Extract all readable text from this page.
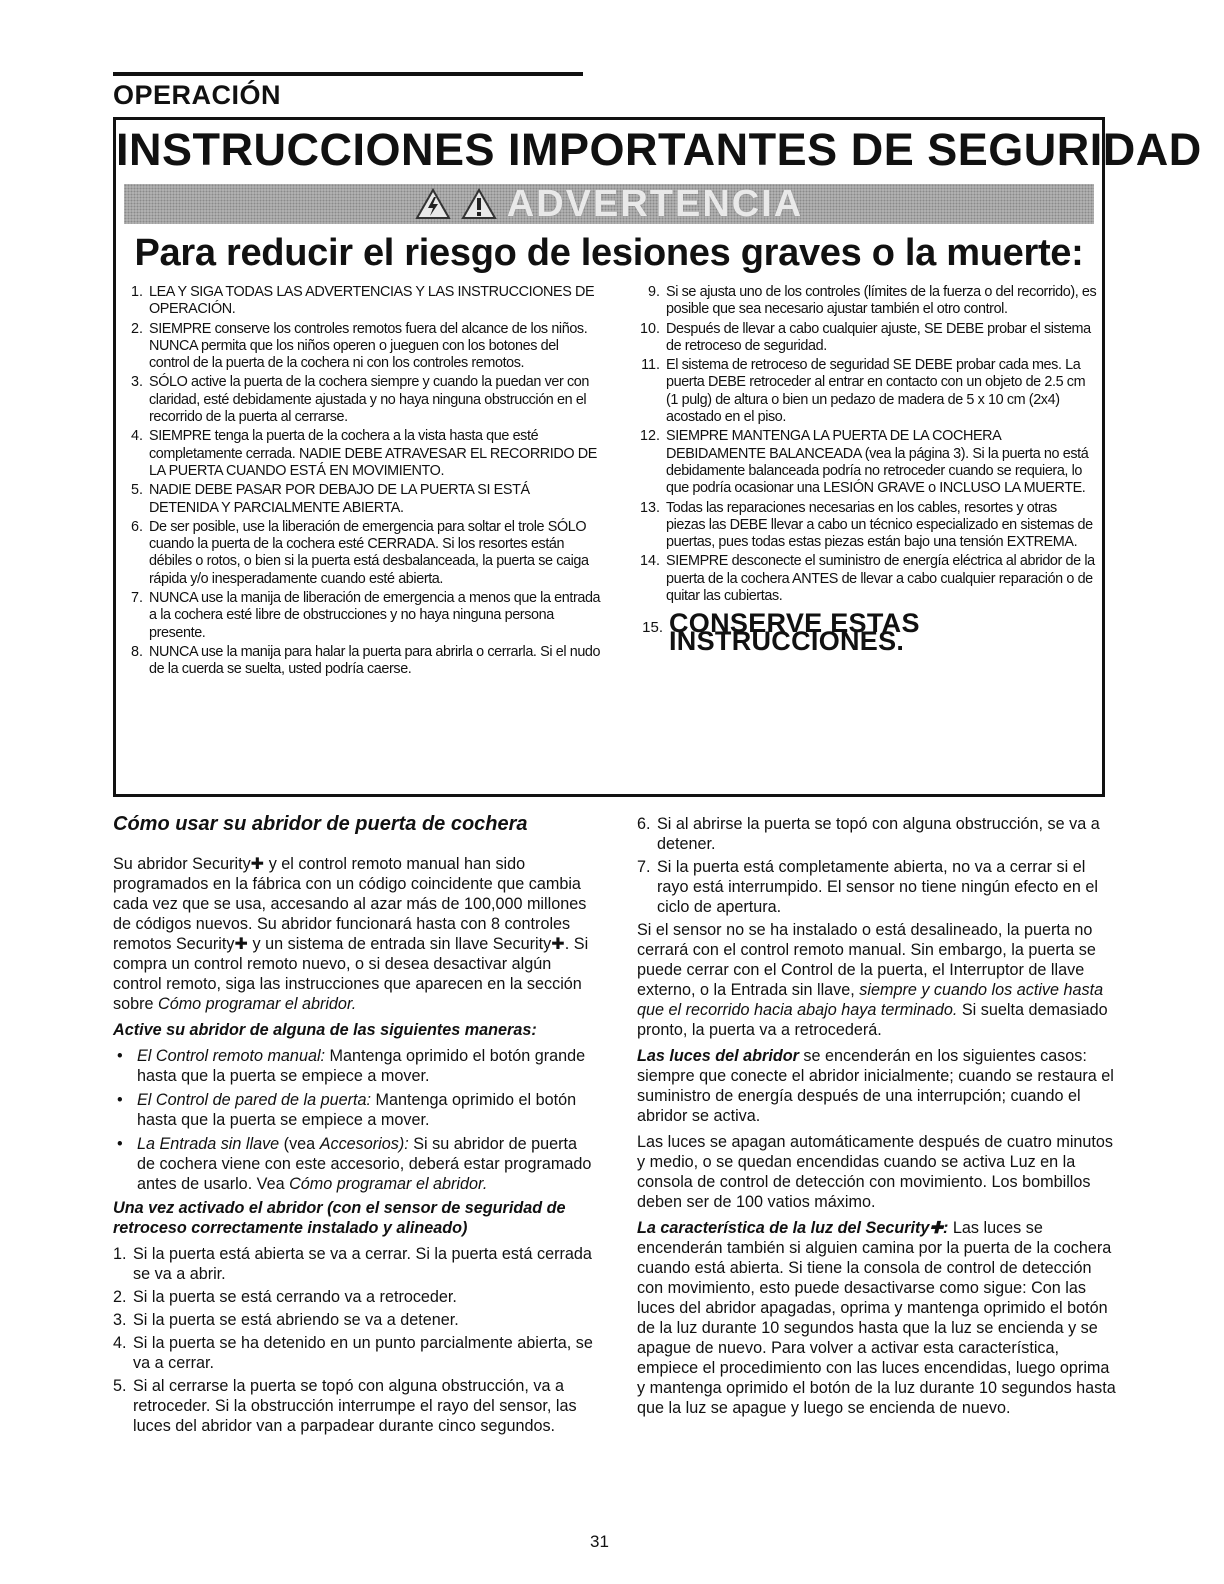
OPERACIÓN
INSTRUCCIONES IMPORTANTES DE SEGURIDAD
ADVERTENCIA
Para reducir el riesgo de lesiones graves o la muerte:
1. LEA Y SIGA TODAS LAS ADVERTENCIAS Y LAS INSTRUCCIONES DE OPERACIÓN.
2. SIEMPRE conserve los controles remotos fuera del alcance de los niños. NUNCA permita que los niños operen o jueguen con los botones del control de la puerta de la cochera ni con los controles remotos.
3. SÓLO active la puerta de la cochera siempre y cuando la puedan ver con claridad, esté debidamente ajustada y no haya ninguna obstrucción en el recorrido de la puerta al cerrarse.
4. SIEMPRE tenga la puerta de la cochera a la vista hasta que esté completamente cerrada. NADIE DEBE ATRAVESAR EL RECORRIDO DE LA PUERTA CUANDO ESTÁ EN MOVIMIENTO.
5. NADIE DEBE PASAR POR DEBAJO DE LA PUERTA SI ESTÁ DETENIDA Y PARCIALMENTE ABIERTA.
6. De ser posible, use la liberación de emergencia para soltar el trole SÓLO cuando la puerta de la cochera esté CERRADA. Si los resortes están débiles o rotos, o bien si la puerta está desbalanceada, la puerta se caiga rápida y/o inesperadamente cuando esté abierta.
7. NUNCA use la manija de liberación de emergencia a menos que la entrada a la cochera esté libre de obstrucciones y no haya ninguna persona presente.
8. NUNCA use la manija para halar la puerta para abrirla o cerrarla. Si el nudo de la cuerda se suelta, usted podría caerse.
9. Si se ajusta uno de los controles (límites de la fuerza o del recorrido), es posible que sea necesario ajustar también el otro control.
10. Después de llevar a cabo cualquier ajuste, SE DEBE probar el sistema de retroceso de seguridad.
11. El sistema de retroceso de seguridad SE DEBE probar cada mes. La puerta DEBE retroceder al entrar en contacto con un objeto de 2.5 cm (1 pulg) de altura o bien un pedazo de madera de 5 x 10 cm (2x4) acostado en el piso.
12. SIEMPRE MANTENGA LA PUERTA DE LA COCHERA DEBIDAMENTE BALANCEADA (vea la página 3). Si la puerta no está debidamente balanceada podría no retroceder cuando se requiera, lo que podría ocasionar una LESIÓN GRAVE o INCLUSO LA MUERTE.
13. Todas las reparaciones necesarias en los cables, resortes y otras piezas las DEBE llevar a cabo un técnico especializado en sistemas de puertas, pues todas estas piezas están bajo una tensión EXTREMA.
14. SIEMPRE desconecte el suministro de energía eléctrica al abridor de la puerta de la cochera ANTES de llevar a cabo cualquier reparación o de quitar las cubiertas.
15. CONSERVE ESTAS INSTRUCCIONES.
Cómo usar su abridor de puerta de cochera

Su abridor Security✚ y el control remoto manual han sido programados en la fábrica con un código coincidente que cambia cada vez que se usa, accesando al azar más de 100,000 millones de códigos nuevos. Su abridor funcionará hasta con 8 controles remotos Security✚ y un sistema de entrada sin llave Security✚. Si compra un control remoto nuevo, o si desea desactivar algún control remoto, siga las instrucciones que aparecen en la sección sobre Cómo programar el abridor.

Active su abridor de alguna de las siguientes maneras:

• El Control remoto manual: Mantenga oprimido el botón grande hasta que la puerta se empiece a mover.
• El Control de pared de la puerta: Mantenga oprimido el botón hasta que la puerta se empiece a mover.
• La Entrada sin llave (vea Accesorios): Si su abridor de puerta de cochera viene con este accesorio, deberá estar programado antes de usarlo. Vea Cómo programar el abridor.

Una vez activado el abridor (con el sensor de seguridad de retroceso correctamente instalado y alineado)

1. Si la puerta está abierta se va a cerrar. Si la puerta está cerrada se va a abrir.
2. Si la puerta se está cerrando va a retroceder.
3. Si la puerta se está abriendo se va a detener.
4. Si la puerta se ha detenido en un punto parcialmente abierta, se va a cerrar.
5. Si al cerrarse la puerta se topó con alguna obstrucción, va a retroceder. Si la obstrucción interrumpe el rayo del sensor, las luces del abridor van a parpadear durante cinco segundos.
6. Si al abrirse la puerta se topó con alguna obstrucción, se va a detener.
7. Si la puerta está completamente abierta, no va a cerrar si el rayo está interrumpido. El sensor no tiene ningún efecto en el ciclo de apertura.

Si el sensor no se ha instalado o está desalineado, la puerta no cerrará con el control remoto manual. Sin embargo, la puerta se puede cerrar con el Control de la puerta, el Interruptor de llave externo, o la Entrada sin llave, siempre y cuando los active hasta que el recorrido hacia abajo haya terminado. Si suelta demasiado pronto, la puerta va a retrocederá.

Las luces del abridor se encenderán en los siguientes casos: siempre que conecte el abridor inicialmente; cuando se restaura el suministro de energía después de una interrupción; cuando el abridor se activa.

Las luces se apagan automáticamente después de cuatro minutos y medio, o se quedan encendidas cuando se activa Luz en la consola de control de detección con movimiento. Los bombillos deben ser de 100 vatios máximo.

La característica de la luz del Security✚: Las luces se encenderán también si alguien camina por la puerta de la cochera cuando está abierta. Si tiene la consola de control de detección con movimiento, esto puede desactivarse como sigue: Con las luces del abridor apagadas, oprima y mantenga oprimido el botón de la luz durante 10 segundos hasta que la luz se encienda y se apague de nuevo. Para volver a activar esta característica, empiece el procedimiento con las luces encendidas, luego oprima y mantenga oprimido el botón de la luz durante 10 segundos hasta que la luz se apague y luego se encienda de nuevo.

31
